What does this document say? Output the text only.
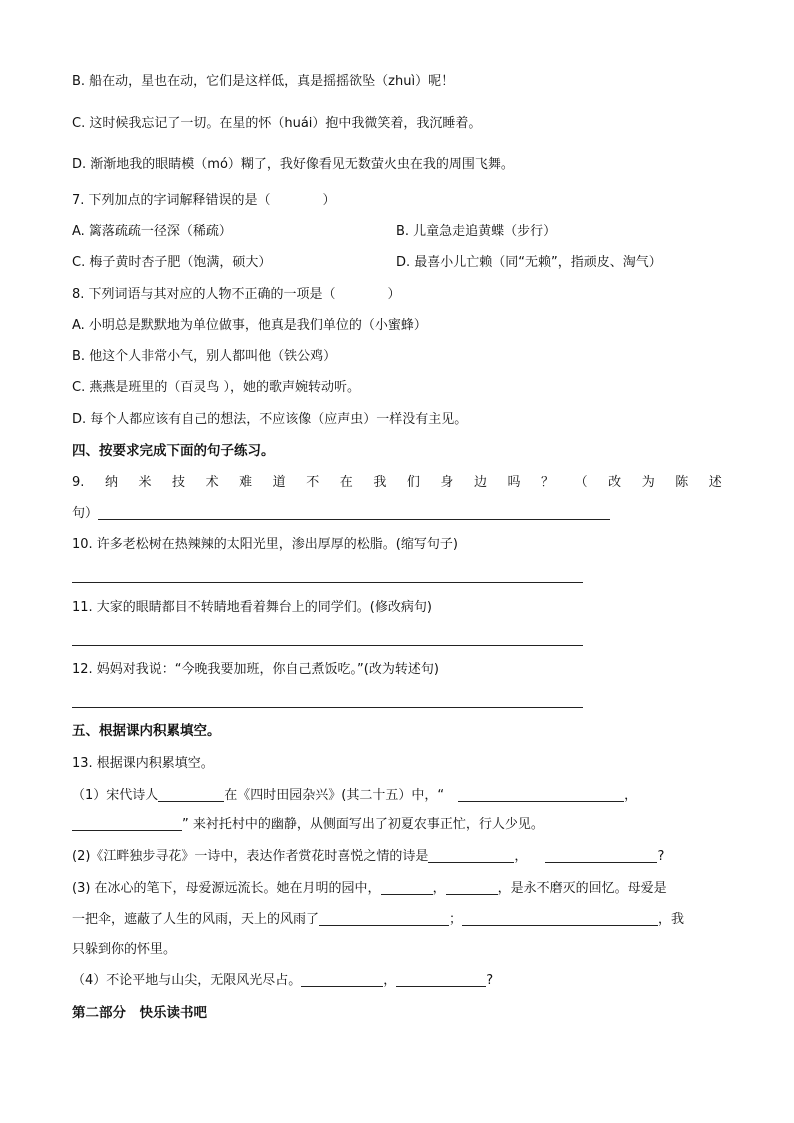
B. 船在动，星也在动，它们是这样低，真是摇摇欲坠（zhuì）呢！
C. 这时候我忘记了一切。在星的怀（huái）抱中我微笑着，我沉睡着。
D. 渐渐地我的眼睛模（mó）糊了，我好像看见无数萤火虫在我的周围飞舞。
7. 下列加点的字词解释错误的是（　　　　）
A. 篱落疏疏一径深（稀疏）	B. 儿童急走追黄蝶（步行）
C. 梅子黄时杏子肥（饱满，硕大）	D. 最喜小儿亡赖（同“无赖”，指顽皮、淘气）
8. 下列词语与其对应的人物不正确的一项是（　　　　）
A. 小明总是默默地为单位做事，他真是我们单位的（小蜜蜂）
B. 他这个人非常小气，别人都叫他（铁公鸡）
C. 燕燕是班里的（百灵鸟 ），她的歌声婉转动听。
D. 每个人都应该有自己的想法，不应该像（应声虫）一样没有主见。
四、按要求完成下面的句子练习。
9. 纳 米 技 术 难 道 不 在 我 们 身 边 吗 ？ （ 改 为 陈 述
句）
10. 许多老松树在热辣辣的太阳光里，渗出厚厚的松脂。(缩写句子)
11. 大家的眼睛都目不转睛地看着舞台上的同学们。(修改病句)
12. 妈妈对我说：“今晚我要加班，你自己煮饭吃。”(改为转述句)
五、根据课内积累填空。
13. 根据课内积累填空。
（1）宋代诗人	在《四时田园杂兴》(其二十五）中，“	，
” 来衬托村中的幽静，从侧面写出了初夏农事正忙，行人少见。
(2)《江畔独步寻花》一诗中，表达作者赏花时喜悦之情的诗是	，	?
(3) 在冰心的笔下，母爱源远流长。她在月明的园中，	，	，是永不磨灭的回忆。母爱是
一把伞，遮蔽了人生的风雨，天上的风雨了	；	，我
只躲到你的怀里。
（4）不论平地与山尖，无限风光尽占。	，	?
第二部分　快乐读书吧
